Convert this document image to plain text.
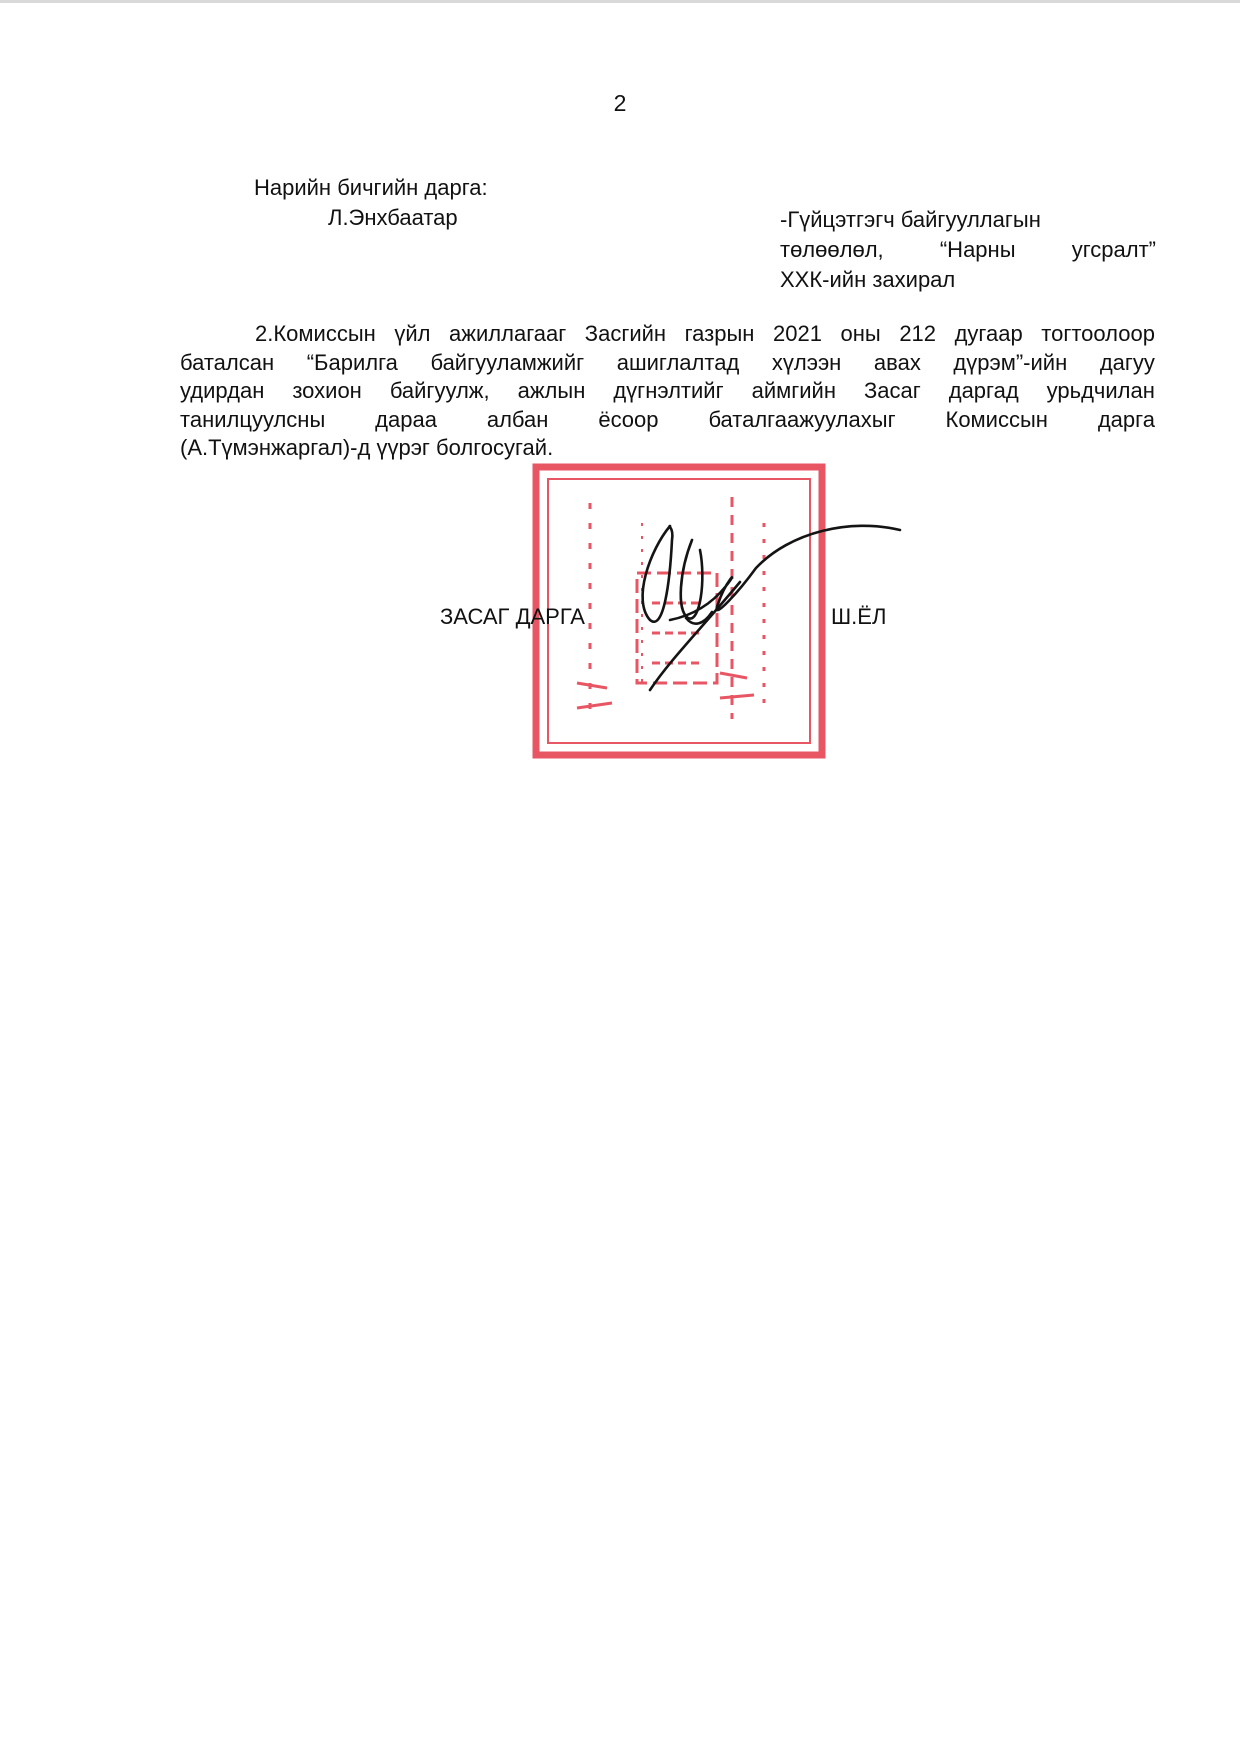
2
Нарийн бичгийн дарга:
Л.Энхбаатар	-Гүйцэтгэгч байгууллагын
төлөөлөл,	“Нарны	угсралт”
ХХК-ийн захирал
2.Комиссын үйл ажиллагааг Засгийн газрын 2021 оны 212 дугаар тогтоолоор
баталсан “Барилга байгууламжийг ашиглалтад хүлээн авах дүрэм”-ийн дагуу
удирдан зохион байгуулж, ажлын дүгнэлтийг аймгийн Засаг даргад урьдчилан
танилцуулсны дараа албан ёсоор баталгаажуулахыг Комиссын дарга
(А.Түмэнжаргал)-д үүрэг болгосугай.
ЗАСАГ ДАРГА	Ш.ЁЛ
